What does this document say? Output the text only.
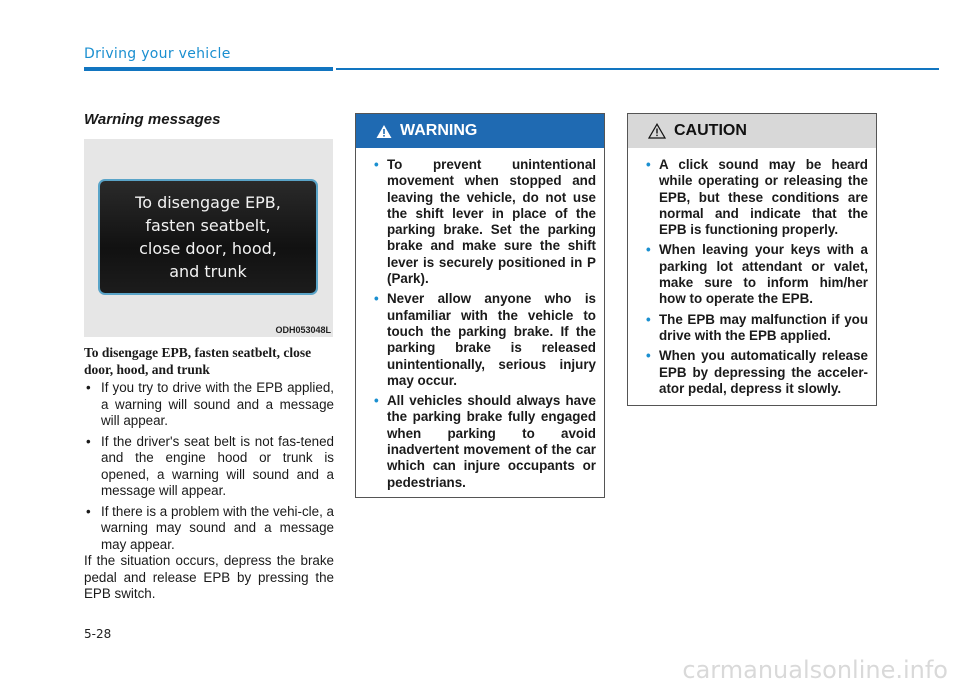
Driving your vehicle
Warning messages
To disengage EPB,
fasten seatbelt,
close door, hood,
and trunk
ODH053048L
To disengage EPB, fasten seatbelt, close door, hood, and trunk
• If you try to drive with the EPB applied, a warning will sound and a message will appear.
• If the driver's seat belt is not fas-tened and the engine hood or trunk is opened, a warning will sound and a message will appear.
• If there is a problem with the vehi-cle, a warning may sound and a message may appear.

If the situation occurs, depress the brake pedal and release EPB by pressing the EPB switch.

WARNING
• To prevent unintentional movement when stopped and leaving the vehicle, do not use the shift lever in place of the parking brake. Set the parking brake and make sure the shift lever is securely positioned in P (Park).
• Never allow anyone who is unfamiliar with the vehicle to touch the parking brake. If the parking brake is released unintentionally, serious injury may occur.
• All vehicles should always have the parking brake fully engaged when parking to avoid inadvertent movement of the car which can injure occupants or pedestrians.
CAUTION
• A click sound may be heard while operating or releasing the EPB, but these conditions are normal and indicate that the EPB is functioning properly.
• When leaving your keys with a parking lot attendant or valet, make sure to inform him/her how to operate the EPB.
• The EPB may malfunction if you drive with the EPB applied.
• When you automatically release EPB by depressing the acceler-ator pedal, depress it slowly.
5-28
carmanualsonline.info
